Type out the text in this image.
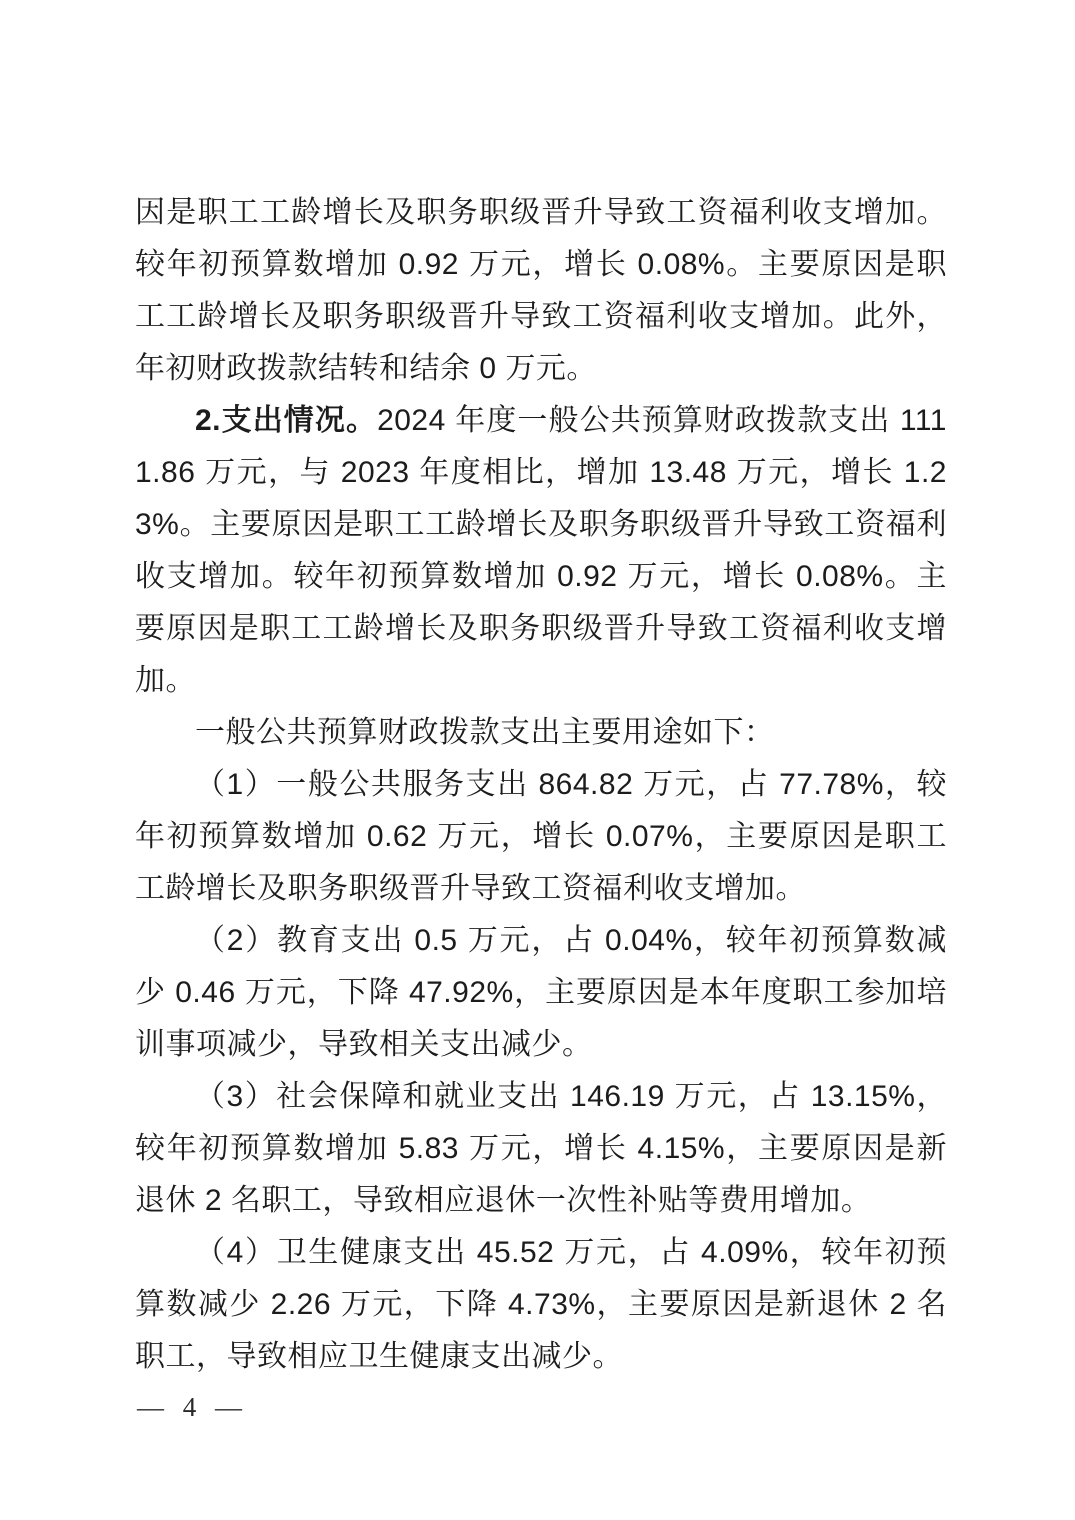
因是职工工龄增长及职务职级晋升导致工资福利收支增加。较年初预算数增加 0.92 万元，增长 0.08%。主要原因是职工工龄增长及职务职级晋升导致工资福利收支增加。此外，年初财政拨款结转和结余 0 万元。

2.支出情况。2024 年度一般公共预算财政拨款支出 1111.86 万元，与 2023 年度相比，增加 13.48 万元，增长 1.23%。主要原因是职工工龄增长及职务职级晋升导致工资福利收支增加。较年初预算数增加 0.92 万元，增长 0.08%。主要原因是职工工龄增长及职务职级晋升导致工资福利收支增加。

一般公共预算财政拨款支出主要用途如下：

（1）一般公共服务支出 864.82 万元，占 77.78%，较年初预算数增加 0.62 万元，增长 0.07%，主要原因是职工工龄增长及职务职级晋升导致工资福利收支增加。

（2）教育支出 0.5 万元，占 0.04%，较年初预算数减少 0.46 万元，下降 47.92%，主要原因是本年度职工参加培训事项减少，导致相关支出减少。

（3）社会保障和就业支出 146.19 万元，占 13.15%，较年初预算数增加 5.83 万元，增长 4.15%，主要原因是新退休 2 名职工，导致相应退休一次性补贴等费用增加。

（4）卫生健康支出 45.52 万元，占 4.09%，较年初预算数减少 2.26 万元，下降 4.73%，主要原因是新退休 2 名职工，导致相应卫生健康支出减少。

— 4 —
